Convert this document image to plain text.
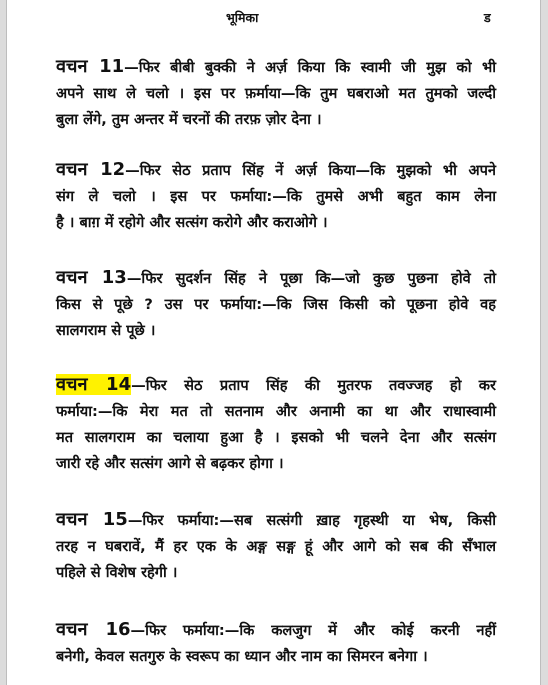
भूमिका	ड
वचन 11—फिर बीबी बुक्की ने अर्ज़ किया कि स्वामी जी मुझ को भी
अपने साथ ले चलो । इस पर फ़र्माया—कि तुम घबराओ मत तुमको जल्दी
बुला लेंगे, तुम अन्तर में चरनों की तरफ़ ज़ोर देना ।
वचन 12—फिर सेठ प्रताप सिंह नें अर्ज़ किया—कि मुझको भी अपने
संग ले चलो । इस पर फर्माया:—कि तुमसे अभी बहुत काम लेना
है । बाग़ में रहोगे और सत्संग करोगे और कराओगे ।
वचन 13—फिर सुदर्शन सिंह ने पूछा कि—जो कुछ पुछना होवे तो
किस से पूछे ? उस पर फर्माया:—कि जिस किसी को पूछना होवे वह
सालगराम से पूछे ।
वचन 14—फिर सेठ प्रताप सिंह की मुतरफ तवज्जह हो कर
फर्माया:—कि मेरा मत तो सतनाम और अनामी का था और राधास्वामी
मत सालगराम का चलाया हुआ है । इसको भी चलने देना और सत्संग
जारी रहे और सत्संग आगे से बढ़कर होगा ।
वचन 15—फिर फर्माया:—सब सत्संगी ख़ाह गृहस्थी या भेष, किसी
तरह न घबरावें, मैं हर एक के अङ्ग सङ्ग हूं और आगे को सब की सँभाल
पहिले से विशेष रहेगी ।
वचन 16—फिर फर्माया:—कि कलजुग में और कोई करनी नहीं
बनेगी, केवल सतगुरु के स्वरूप का ध्यान और नाम का सिमरन बनेगा ।
